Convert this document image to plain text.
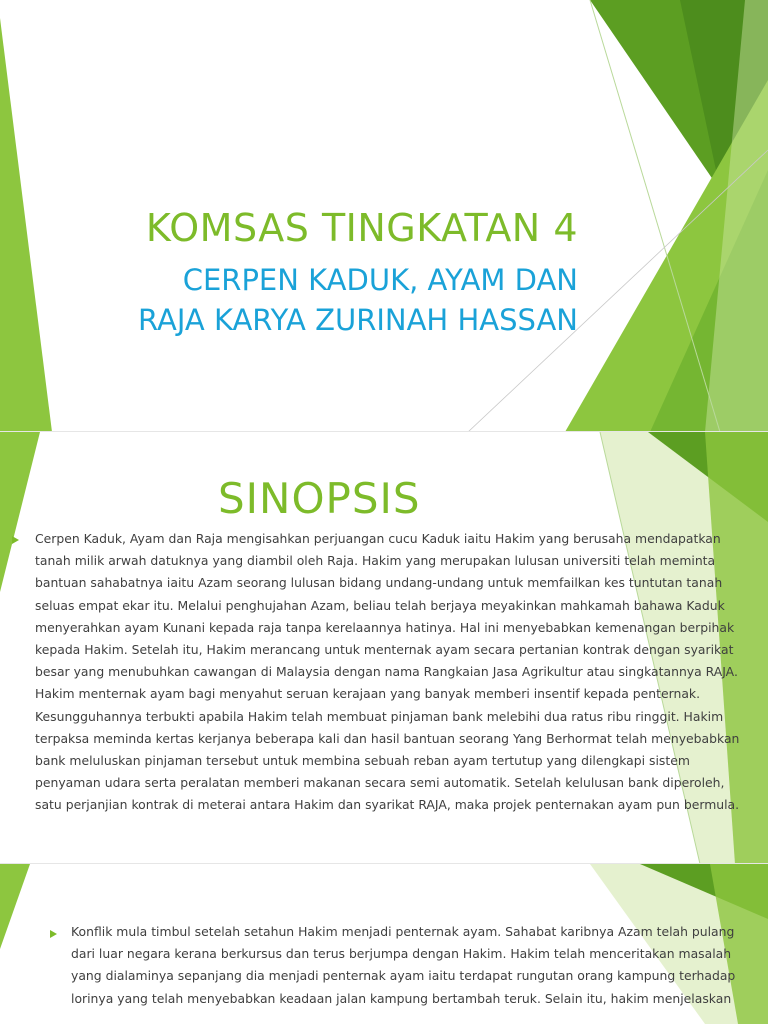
KOMSAS TINGKATAN 4
CERPEN KADUK, AYAM DAN
RAJA KARYA ZURINAH HASSAN
SINOPSIS
Cerpen Kaduk, Ayam dan Raja mengisahkan perjuangan cucu Kaduk iaitu Hakim yang berusaha mendapatkan tanah milik arwah datuknya yang diambil oleh Raja. Hakim yang merupakan lulusan universiti telah meminta bantuan sahabatnya iaitu Azam seorang lulusan bidang undang-undang untuk memfailkan kes tuntutan tanah seluas empat ekar itu. Melalui penghujahan Azam, beliau telah berjaya meyakinkan mahkamah bahawa Kaduk menyerahkan ayam Kunani kepada raja tanpa kerelaannya hatinya. Hal ini menyebabkan kemenangan berpihak kepada Hakim. Setelah itu, Hakim merancang untuk menternak ayam secara pertanian kontrak dengan syarikat besar yang menubuhkan cawangan di Malaysia dengan nama Rangkaian Jasa Agrikultur atau singkatannya RAJA. Hakim menternak ayam bagi menyahut seruan kerajaan yang banyak memberi insentif kepada penternak. Kesungguhannya terbukti apabila Hakim telah membuat pinjaman bank melebihi dua ratus ribu ringgit. Hakim terpaksa meminda kertas kerjanya beberapa kali dan hasil bantuan seorang Yang Berhormat telah menyebabkan bank meluluskan pinjaman tersebut untuk membina sebuah reban ayam tertutup yang dilengkapi sistem penyaman udara serta peralatan memberi makanan secara semi automatik. Setelah kelulusan bank diperoleh, satu perjanjian kontrak di meterai antara Hakim dan syarikat RAJA, maka projek penternakan ayam pun bermula.
Konflik mula timbul setelah setahun Hakim menjadi penternak ayam. Sahabat karibnya Azam telah pulang dari luar negara kerana berkursus dan terus berjumpa dengan Hakim. Hakim telah menceritakan masalah yang dialaminya sepanjang dia menjadi penternak ayam iaitu terdapat rungutan orang kampung terhadap lorinya yang telah menyebabkan keadaan jalan kampung bertambah teruk. Selain itu, hakim menjelaskan
